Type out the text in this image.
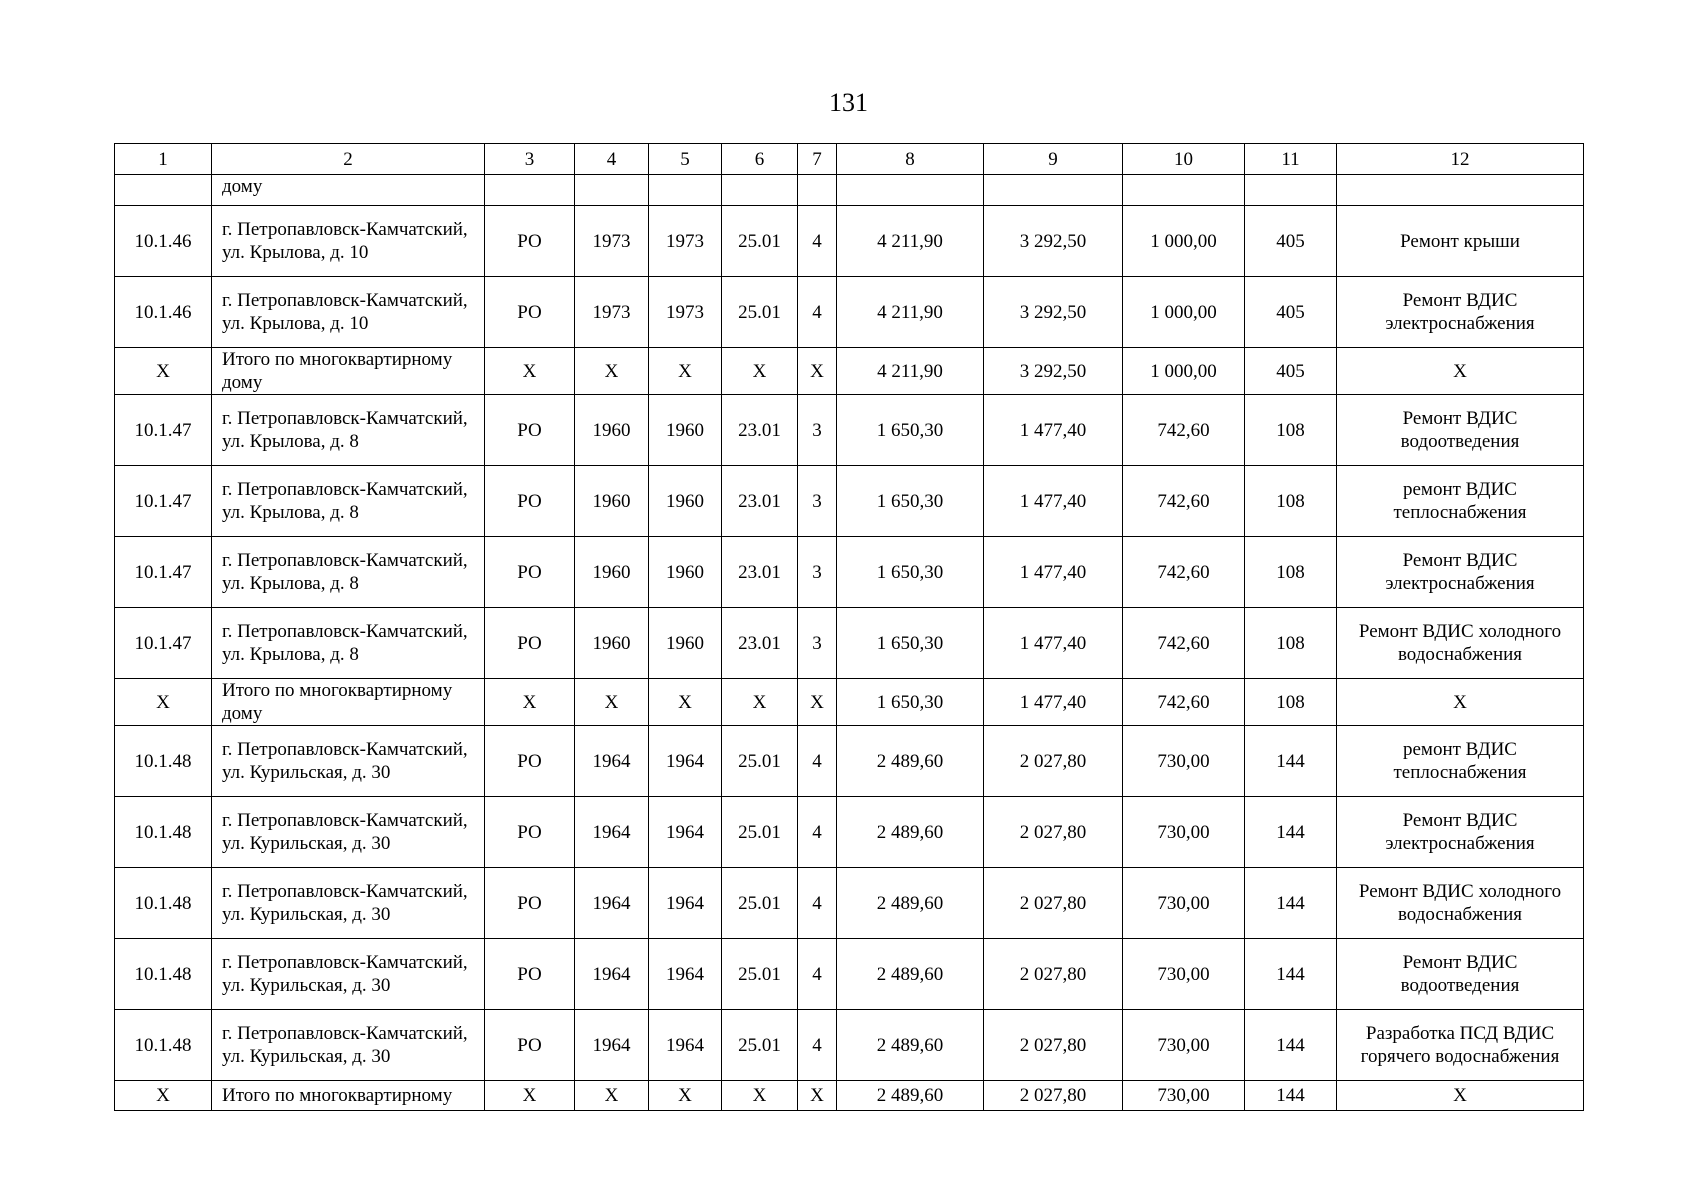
131
1	2	3	4	5	6	7	8	9	10	11	12
	дому										
10.1.46	г. Петропавловск-Камчатский, ул. Крылова, д. 10	РО	1973	1973	25.01	4	4 211,90	3 292,50	1 000,00	405	Ремонт крыши
10.1.46	г. Петропавловск-Камчатский, ул. Крылова, д. 10	РО	1973	1973	25.01	4	4 211,90	3 292,50	1 000,00	405	Ремонт ВДИС электроснабжения
X	Итого по многоквартирному дому	X	X	X	X	X	4 211,90	3 292,50	1 000,00	405	X
10.1.47	г. Петропавловск-Камчатский, ул. Крылова, д. 8	РО	1960	1960	23.01	3	1 650,30	1 477,40	742,60	108	Ремонт ВДИС водоотведения
10.1.47	г. Петропавловск-Камчатский, ул. Крылова, д. 8	РО	1960	1960	23.01	3	1 650,30	1 477,40	742,60	108	ремонт ВДИС теплоснабжения
10.1.47	г. Петропавловск-Камчатский, ул. Крылова, д. 8	РО	1960	1960	23.01	3	1 650,30	1 477,40	742,60	108	Ремонт ВДИС электроснабжения
10.1.47	г. Петропавловск-Камчатский, ул. Крылова, д. 8	РО	1960	1960	23.01	3	1 650,30	1 477,40	742,60	108	Ремонт ВДИС холодного водоснабжения
X	Итого по многоквартирному дому	X	X	X	X	X	1 650,30	1 477,40	742,60	108	X
10.1.48	г. Петропавловск-Камчатский, ул. Курильская, д. 30	РО	1964	1964	25.01	4	2 489,60	2 027,80	730,00	144	ремонт ВДИС теплоснабжения
10.1.48	г. Петропавловск-Камчатский, ул. Курильская, д. 30	РО	1964	1964	25.01	4	2 489,60	2 027,80	730,00	144	Ремонт ВДИС электроснабжения
10.1.48	г. Петропавловск-Камчатский, ул. Курильская, д. 30	РО	1964	1964	25.01	4	2 489,60	2 027,80	730,00	144	Ремонт ВДИС холодного водоснабжения
10.1.48	г. Петропавловск-Камчатский, ул. Курильская, д. 30	РО	1964	1964	25.01	4	2 489,60	2 027,80	730,00	144	Ремонт ВДИС водоотведения
10.1.48	г. Петропавловск-Камчатский, ул. Курильская, д. 30	РО	1964	1964	25.01	4	2 489,60	2 027,80	730,00	144	Разработка ПСД ВДИС горячего водоснабжения
X	Итого по многоквартирному	X	X	X	X	X	2 489,60	2 027,80	730,00	144	X
